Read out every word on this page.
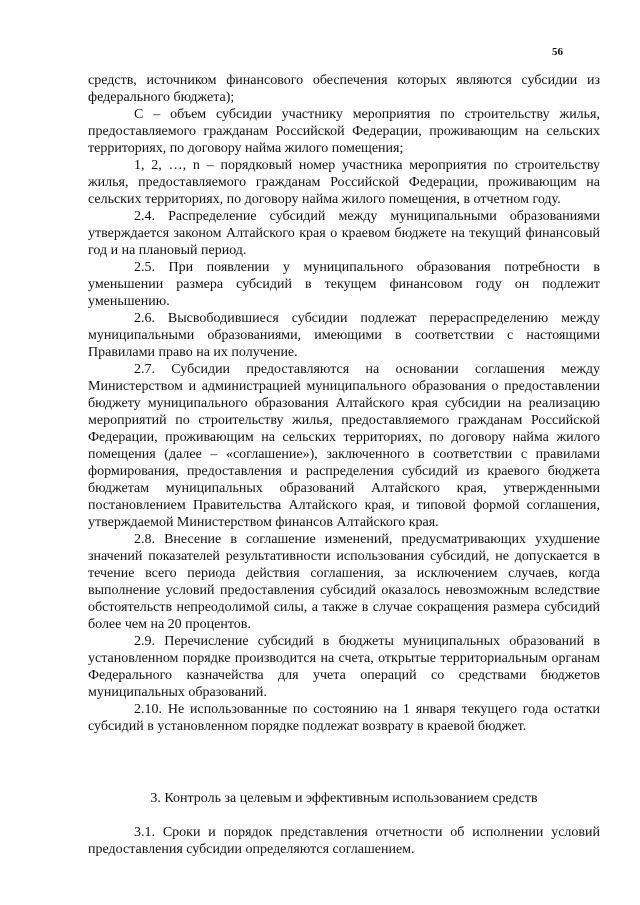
56

средств, источником финансового обеспечения которых являются субсидии из федерального бюджета);

С – объем субсидии участнику мероприятия по строительству жилья, предоставляемого гражданам Российской Федерации, проживающим на сельских территориях, по договору найма жилого помещения;

1, 2, …, n – порядковый номер участника мероприятия по строительству жилья, предоставляемого гражданам Российской Федерации, проживающим на сельских территориях, по договору найма жилого помещения, в отчетном году.

2.4. Распределение субсидий между муниципальными образованиями утверждается законом Алтайского края о краевом бюджете на текущий финансовый год и на плановый период.

2.5. При появлении у муниципального образования потребности в уменьшении размера субсидий в текущем финансовом году он подлежит уменьшению.

2.6. Высвободившиеся субсидии подлежат перераспределению между муниципальными образованиями, имеющими в соответствии с настоящими Правилами право на их получение.

2.7. Субсидии предоставляются на основании соглашения между Министерством и администрацией муниципального образования о предоставлении бюджету муниципального образования Алтайского края субсидии на реализацию мероприятий по строительству жилья, предоставляемого гражданам Российской Федерации, проживающим на сельских территориях, по договору найма жилого помещения (далее – «соглашение»), заключенного в соответствии с правилами формирования, предоставления и распределения субсидий из краевого бюджета бюджетам муниципальных образований Алтайского края, утвержденными постановлением Правительства Алтайского края, и типовой формой соглашения, утверждаемой Министерством финансов Алтайского края.

2.8. Внесение в соглашение изменений, предусматривающих ухудшение значений показателей результативности использования субсидий, не допускается в течение всего периода действия соглашения, за исключением случаев, когда выполнение условий предоставления субсидий оказалось невозможным вследствие обстоятельств непреодолимой силы, а также в случае сокращения размера субсидий более чем на 20 процентов.

2.9. Перечисление субсидий в бюджеты муниципальных образований в установленном порядке производится на счета, открытые территориальным органам Федерального казначейства для учета операций со средствами бюджетов муниципальных образований.

2.10. Не использованные по состоянию на 1 января текущего года остатки субсидий в установленном порядке подлежат возврату в краевой бюджет.

3. Контроль за целевым и эффективным использованием средств

3.1. Сроки и порядок представления отчетности об исполнении условий предоставления субсидии определяются соглашением.
